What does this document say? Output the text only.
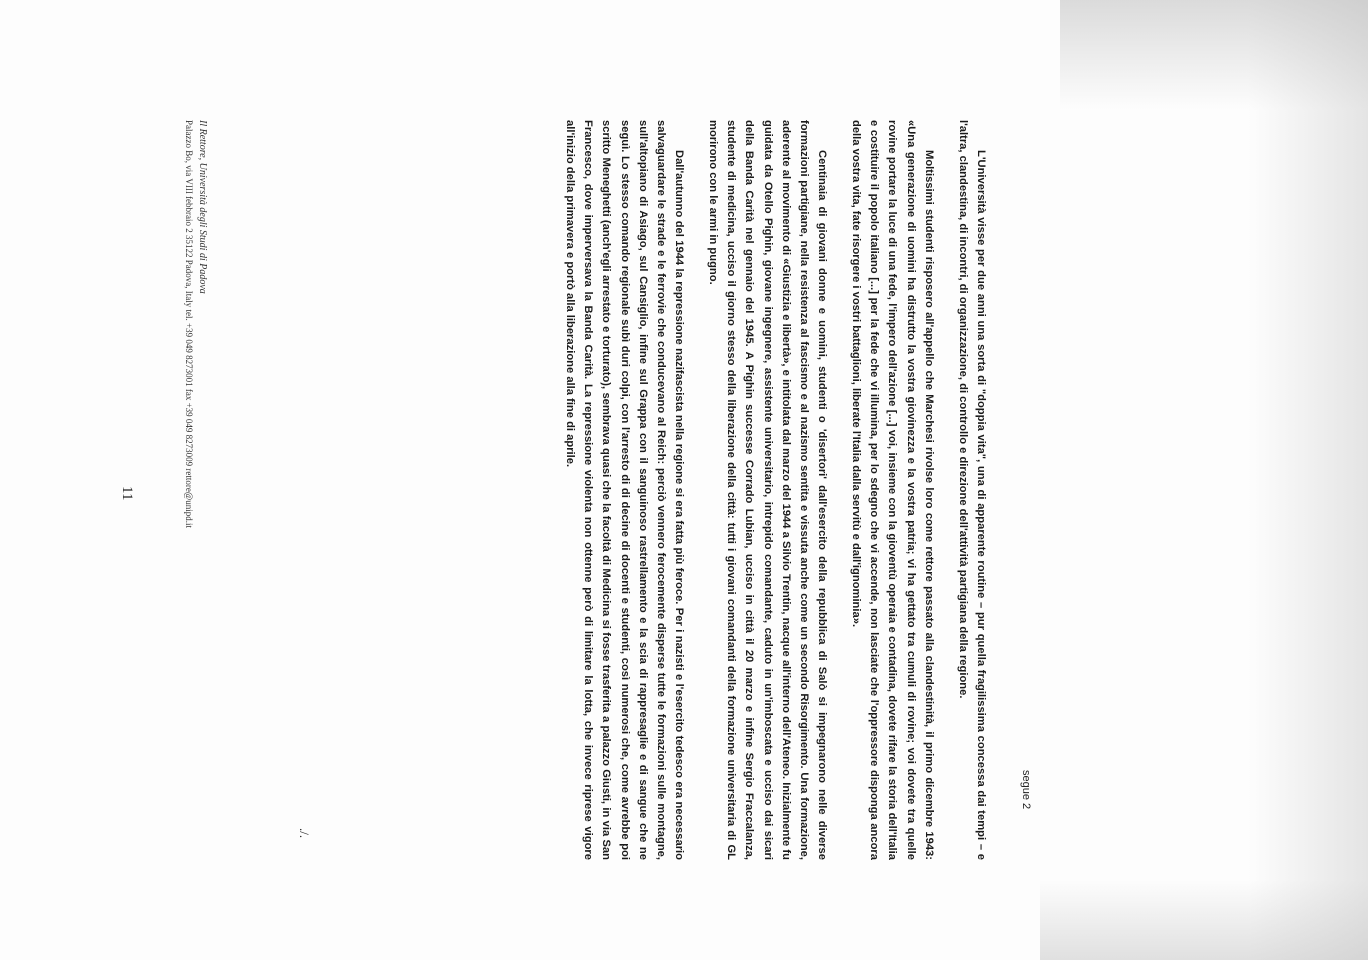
segue 2

L'Università visse per due anni una sorta di "doppia vita", una di apparente routine – pur quella fragilissima concessa dai tempi – e l'altra, clandestina, di incontri, di organizzazione, di controllo e direzione dell'attività partigiana della regione.

Moltissimi studenti risposero all'appello che Marchesi rivolse loro come rettore passato alla clandestinità, il primo dicembre 1943: «Una generazione di uomini ha distrutto la vostra giovinezza e la vostra patria; vi ha gettato tra cumuli di rovine; voi dovete tra quelle rovine portare la luce di una fede, l'impero dell'azione [...] voi, insieme con la gioventù operaia e contadina, dovete rifare la storia dell'Italia e costituire il popolo italiano [...] per la fede che vi illumina, per lo sdegno che vi accende, non lasciate che l'oppressore disponga ancora della vostra vita, fate risorgere i vostri battaglioni, liberate l'Italia dalla servitù e dall'ignominia».

Centinaia di giovani donne e uomini, studenti o 'disertori' dall'esercito della repubblica di Salò si impegnarono nelle diverse formazioni partigiane, nella resistenza al fascismo e al nazismo sentita e vissuta anche come un secondo Risorgimento. Una formazione, aderente al movimento di «Giustizia e libertà», e intitolata dal marzo del 1944 a Silvio Trentin, nacque all'interno dell'Ateneo. Inizialmente fu guidata da Otello Pighin, giovane ingegnere, assistente universitario, intrepido comandante, caduto in un'imboscata e ucciso dai sicari della Banda Carità nel gennaio del 1945. A Pighin successe Corrado Lubian, ucciso in città il 20 marzo e infine Sergio Fraccalanza, studente di medicina, ucciso il giorno stesso della liberazione della città: tutti i giovani comandanti della formazione universitaria di GL morirono con le armi in pugno.

Dall'autunno del 1944 la repressione nazifascista nella regione si era fatta più feroce. Per i nazisti e l'esercito tedesco era necessario salvaguardare le strade e le ferrovie che conducevano al Reich: perciò vennero ferocemente disperse tutte le formazioni sulle montagne, sull'altopiano di Asiago, sul Cansiglio, infine sul Grappa con il sanguinoso rastrellamento e la scia di rappresaglie e di sangue che ne seguì. Lo stesso comando regionale subì duri colpi, con l'arresto di di decine di docenti e studenti, così numerosi che, come avrebbe poi scritto Meneghetti (anch'egli arrestato e torturato), sembrava quasi che la facoltà di Medicina si fosse trasferita a palazzo Giusti, in via San Francesco, dove imperversava la Banda Carità. La repressione violenta non ottenne però di limitare la lotta, che invece riprese vigore all'inizio della primavera e portò alla liberazione alla fine di aprile.

./.
Il Rettore, Università degli Studi di Padova
Palazzo Bo, via VIII febbraio 2 35122 Padova, Italy tel. +39 049 8273001 fax +39 049 8273009 rettore@unipd.it
11
